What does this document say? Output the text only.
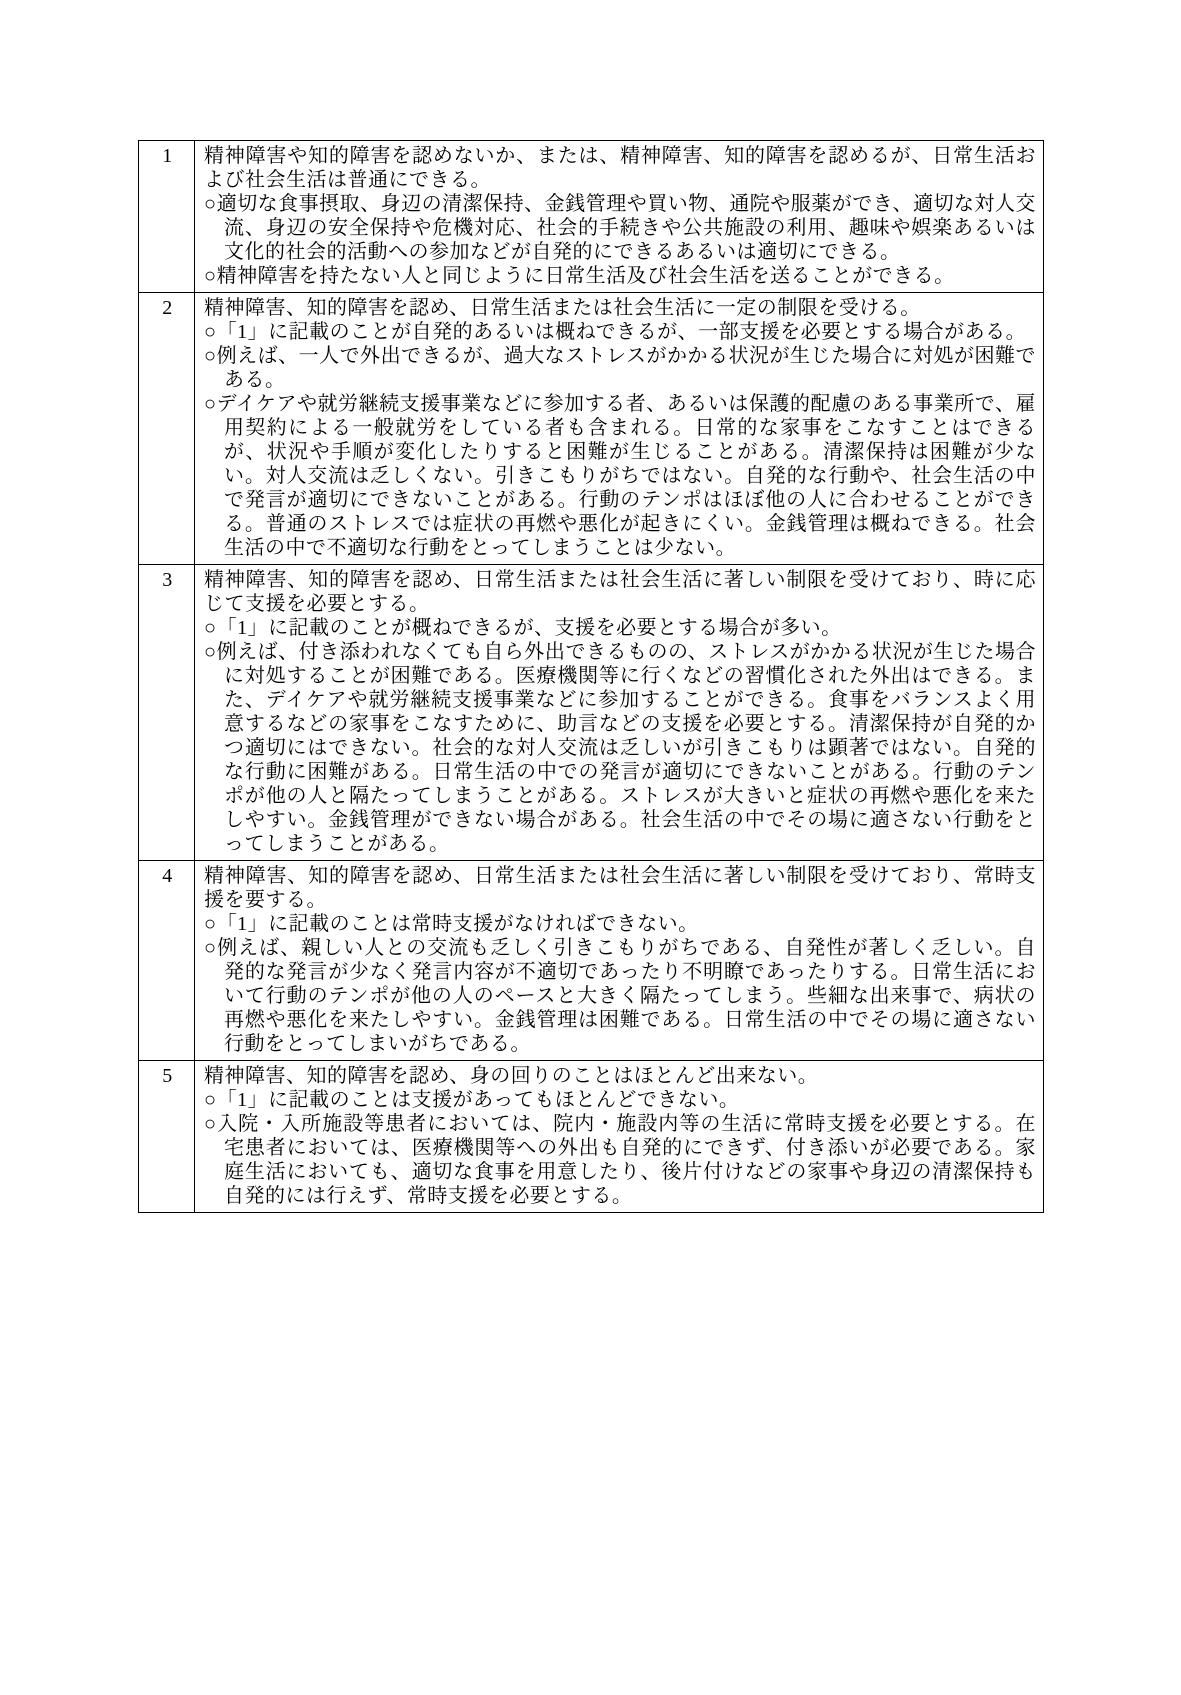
1	精神障害や知的障害を認めないか、または、精神障害、知的障害を認めるが、日常生活および社会生活は普通にできる。
○適切な食事摂取、身辺の清潔保持、金銭管理や買い物、通院や服薬ができ、適切な対人交流、身辺の安全保持や危機対応、社会的手続きや公共施設の利用、趣味や娯楽あるいは文化的社会的活動への参加などが自発的にできるあるいは適切にできる。
○精神障害を持たない人と同じように日常生活及び社会生活を送ることができる。

2	精神障害、知的障害を認め、日常生活または社会生活に一定の制限を受ける。
○「1」に記載のことが自発的あるいは概ねできるが、一部支援を必要とする場合がある。
○例えば、一人で外出できるが、過大なストレスがかかる状況が生じた場合に対処が困難である。
○デイケアや就労継続支援事業などに参加する者、あるいは保護的配慮のある事業所で、雇用契約による一般就労をしている者も含まれる。日常的な家事をこなすことはできるが、状況や手順が変化したりすると困難が生じることがある。清潔保持は困難が少ない。対人交流は乏しくない。引きこもりがちではない。自発的な行動や、社会生活の中で発言が適切にできないことがある。行動のテンポはほぼ他の人に合わせることができる。普通のストレスでは症状の再燃や悪化が起きにくい。金銭管理は概ねできる。社会生活の中で不適切な行動をとってしまうことは少ない。

3	精神障害、知的障害を認め、日常生活または社会生活に著しい制限を受けており、時に応じて支援を必要とする。
○「1」に記載のことが概ねできるが、支援を必要とする場合が多い。
○例えば、付き添われなくても自ら外出できるものの、ストレスがかかる状況が生じた場合に対処することが困難である。医療機関等に行くなどの習慣化された外出はできる。また、デイケアや就労継続支援事業などに参加することができる。食事をバランスよく用意するなどの家事をこなすために、助言などの支援を必要とする。清潔保持が自発的かつ適切にはできない。社会的な対人交流は乏しいが引きこもりは顕著ではない。自発的な行動に困難がある。日常生活の中での発言が適切にできないことがある。行動のテンポが他の人と隔たってしまうことがある。ストレスが大きいと症状の再燃や悪化を来たしやすい。金銭管理ができない場合がある。社会生活の中でその場に適さない行動をとってしまうことがある。

4	精神障害、知的障害を認め、日常生活または社会生活に著しい制限を受けており、常時支援を要する。
○「1」に記載のことは常時支援がなければできない。
○例えば、親しい人との交流も乏しく引きこもりがちである、自発性が著しく乏しい。自発的な発言が少なく発言内容が不適切であったり不明瞭であったりする。日常生活において行動のテンポが他の人のペースと大きく隔たってしまう。些細な出来事で、病状の再燃や悪化を来たしやすい。金銭管理は困難である。日常生活の中でその場に適さない行動をとってしまいがちである。

5	精神障害、知的障害を認め、身の回りのことはほとんど出来ない。
○「1」に記載のことは支援があってもほとんどできない。
○入院・入所施設等患者においては、院内・施設内等の生活に常時支援を必要とする。在宅患者においては、医療機関等への外出も自発的にできず、付き添いが必要である。家庭生活においても、適切な食事を用意したり、後片付けなどの家事や身辺の清潔保持も自発的には行えず、常時支援を必要とする。
